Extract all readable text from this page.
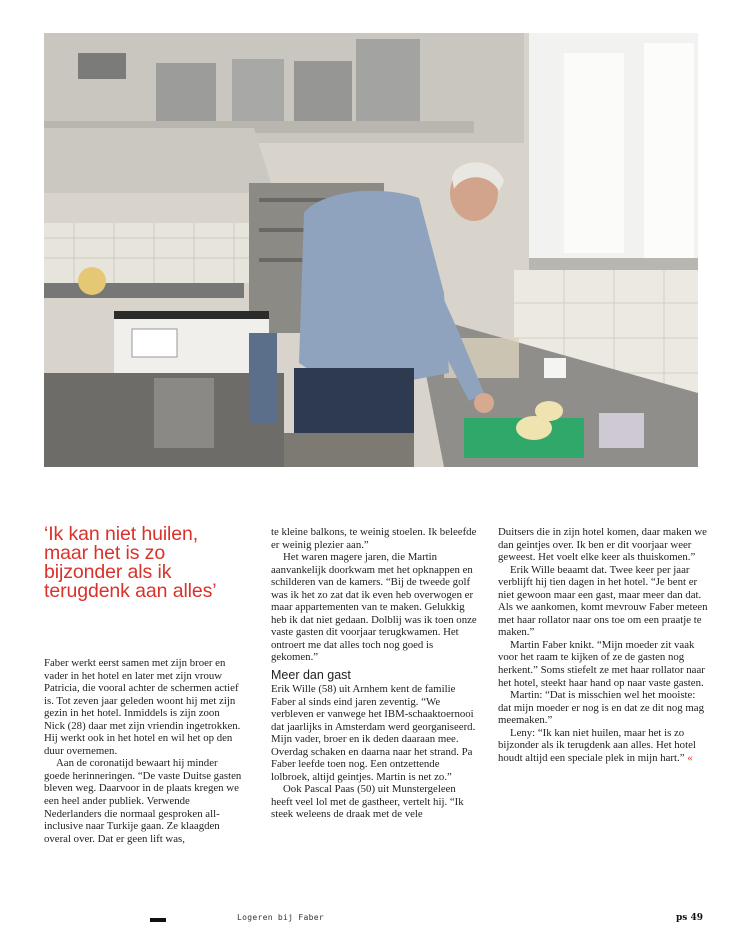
‘Ik kan niet huilen, maar het is zo bijzonder als ik terugdenk aan alles’

Faber werkt eerst samen met zijn broer en vader in het hotel en later met zijn vrouw Patricia, die vooral achter de schermen actief is. Tot zeven jaar geleden woont hij met zijn gezin in het hotel. Inmiddels is zijn zoon Nick (28) daar met zijn vriendin ingetrokken. Hij werkt ook in het hotel en wil het op den duur overnemen.

Aan de coronatijd bewaart hij minder goede herinneringen. “De vaste Duitse gasten bleven weg. Daarvoor in de plaats kregen we een heel ander publiek. Verwende Nederlanders die normaal gesproken all-inclusive naar Turkije gaan. Ze klaagden overal over. Dat er geen lift was,

te kleine balkons, te weinig stoelen. Ik beleefde er weinig plezier aan.”

Het waren magere jaren, die Martin aanvankelijk doorkwam met het opknappen en schilderen van de kamers. “Bij de tweede golf was ik het zo zat dat ik even heb overwogen er maar appartementen van te maken. Gelukkig heb ik dat niet gedaan. Dolblij was ik toen onze vaste gasten dit voorjaar terugkwamen. Het ontroert me dat alles toch nog goed is gekomen.”

Meer dan gast

Erik Wille (58) uit Arnhem kent de familie Faber al sinds eind jaren zeventig. “We verbleven er vanwege het IBM-schaaktoernooi dat jaarlijks in Amsterdam werd georganiseerd. Mijn vader, broer en ik deden daaraan mee. Overdag schaken en daarna naar het strand. Pa Faber leefde toen nog. Een ontzettende lolbroek, altijd geintjes. Martin is net zo.”

Ook Pascal Paas (50) uit Munstergeleen heeft veel lol met de gastheer, vertelt hij. “Ik steek weleens de draak met de vele

Duitsers die in zijn hotel komen, daar maken we dan geintjes over. Ik ben er dit voorjaar weer geweest. Het voelt elke keer als thuiskomen.”

Erik Wille beaamt dat. Twee keer per jaar verblijft hij tien dagen in het hotel. “Je bent er niet gewoon maar een gast, maar meer dan dat. Als we aankomen, komt mevrouw Faber meteen met haar rollator naar ons toe om een praatje te maken.”

Martin Faber knikt. “Mijn moeder zit vaak voor het raam te kijken of ze de gasten nog herkent.” Soms stiefelt ze met haar rollator naar het hotel, steekt haar hand op naar vaste gasten.

Martin: “Dat is misschien wel het mooiste: dat mijn moeder er nog is en dat ze dit nog mag meemaken.”

Leny: “Ik kan niet huilen, maar het is zo bijzonder als ik terugdenk aan alles. Het hotel houdt altijd een speciale plek in mijn hart.” «

Logeren bij Faber	ps 49
